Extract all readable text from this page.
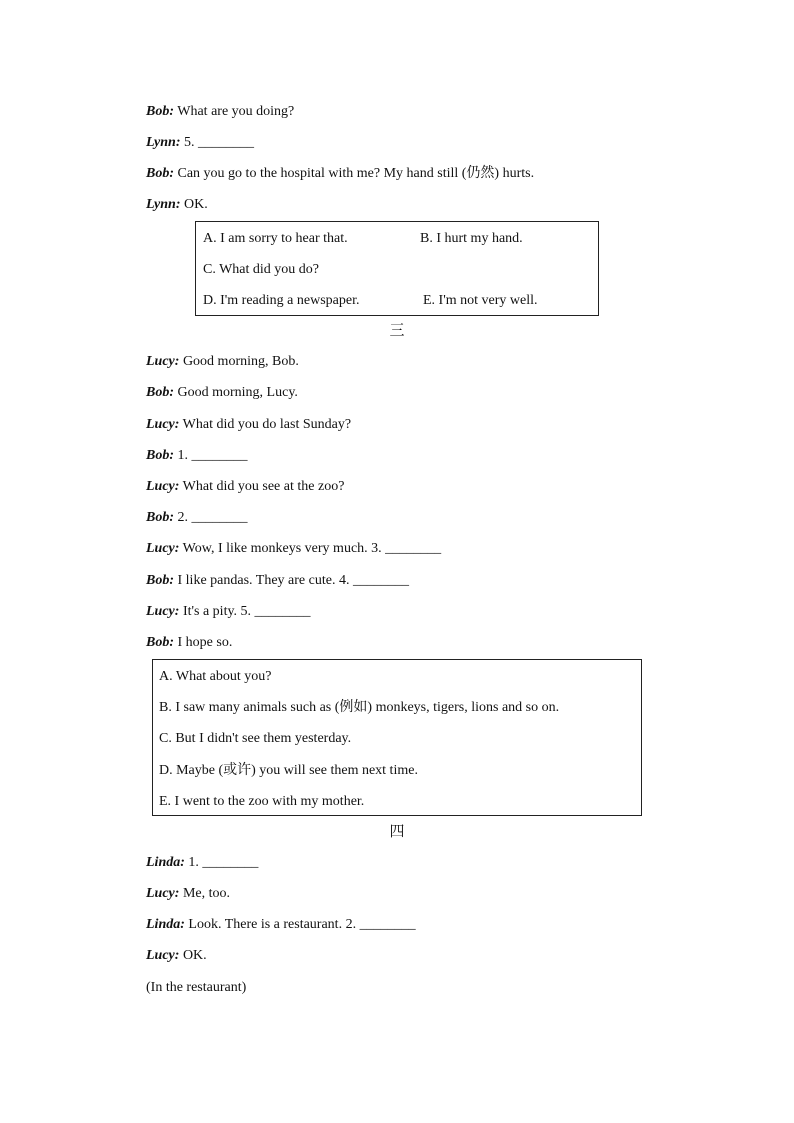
Bob: What are you doing?
Lynn: 5. ________
Bob: Can you go to the hospital with me? My hand still (仍然) hurts.
Lynn: OK.
A. I am sorry to hear that.	B. I hurt my hand.
C. What did you do?
D. I'm reading a newspaper.	E. I'm not very well.
三
Lucy: Good morning, Bob.
Bob: Good morning, Lucy.
Lucy: What did you do last Sunday?
Bob: 1. ________
Lucy: What did you see at the zoo?
Bob: 2. ________
Lucy: Wow, I like monkeys very much. 3. ________
Bob: I like pandas. They are cute. 4. ________
Lucy: It's a pity. 5. ________
Bob: I hope so.
A. What about you?
B. I saw many animals such as (例如) monkeys, tigers, lions and so on.
C. But I didn't see them yesterday.
D. Maybe (或许) you will see them next time.
E. I went to the zoo with my mother.
四
Linda: 1. ________
Lucy: Me, too.
Linda: Look. There is a restaurant. 2. ________
Lucy: OK.
(In the restaurant)
